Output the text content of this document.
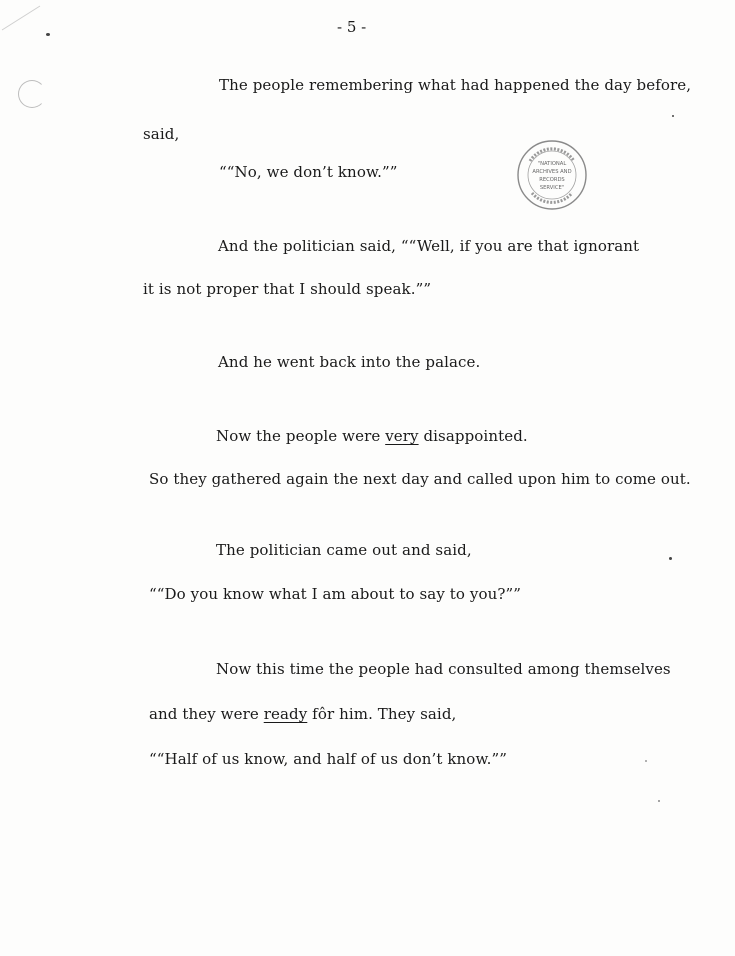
- 5 -
The people remembering what had happened the day before,
said,
““No, we don’t know.””	"NATIONAL
ARCHIVES AND
RECORDS
SERVICE"
And the politician said, ““Well, if you are that ignorant
it is not proper that I should speak.””
And he went back into the palace.
Now the people were very disappointed.
So they gathered again the next day and called upon him to come out.
The politician came out and said,
““Do you know what I am about to say to you?””
Now this time the people had consulted among themselves
and they were ready fôr him. They said,
““Half of us know, and half of us don’t know.””
